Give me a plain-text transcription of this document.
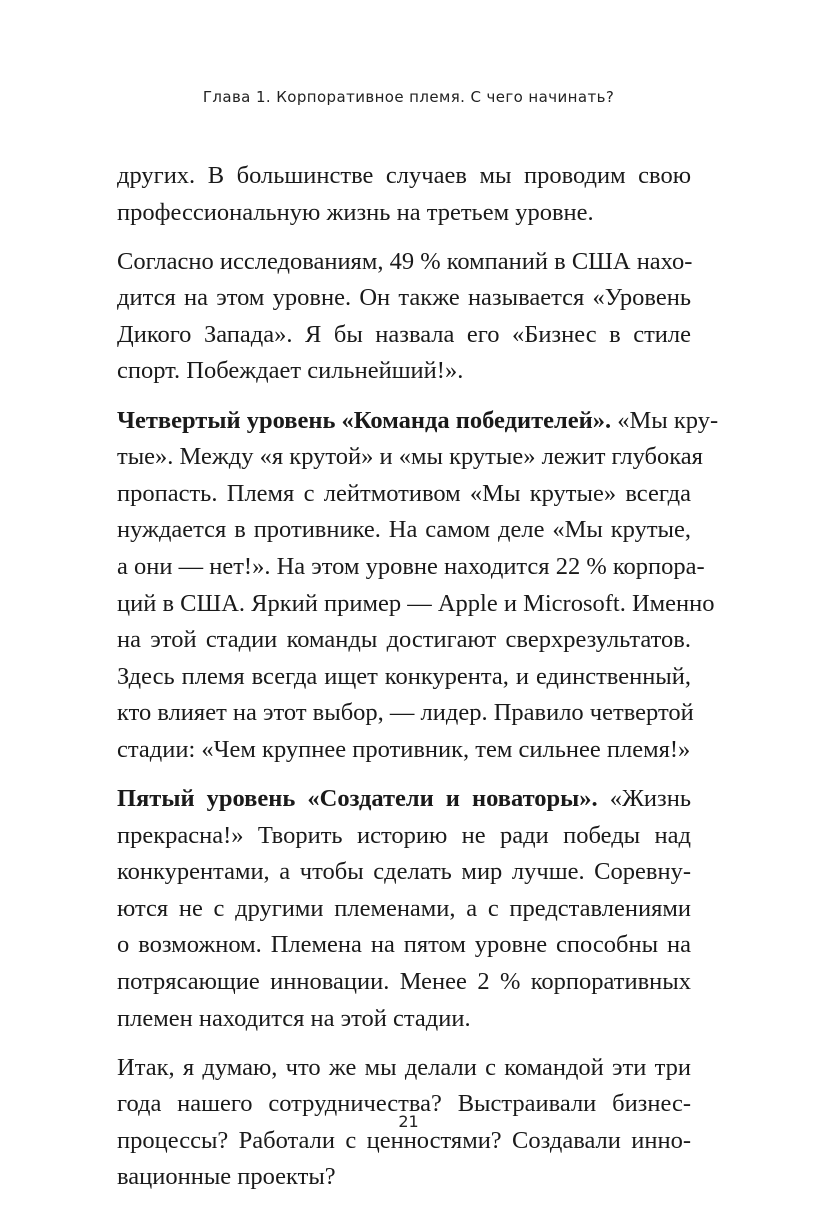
Глава 1. Корпоративное племя. С чего начинать?
других. В большинстве случаев мы проводим свою
профессиональную жизнь на третьем уровне.
Согласно исследованиям, 49 % компаний в США нахо-
дится на этом уровне. Он также называется «Уровень
Дикого Запада». Я бы назвала его «Бизнес в стиле
спорт. Побеждает сильнейший!».
Четвертый уровень «Команда победителей». «Мы кру-
тые». Между «я крутой» и «мы крутые» лежит глубокая
пропасть. Племя с лейтмотивом «Мы крутые» всегда
нуждается в противнике. На самом деле «Мы крутые,
а они — нет!». На этом уровне находится 22 % корпора-
ций в США. Яркий пример — Apple и Microsoft. Именно
на этой стадии команды достигают сверхрезультатов.
Здесь племя всегда ищет конкурента, и единственный,
кто влияет на этот выбор, — лидер. Правило четвертой
стадии: «Чем крупнее противник, тем сильнее племя!»
Пятый уровень «Создатели и новаторы». «Жизнь
прекрасна!» Творить историю не ради победы над
конкурентами, а чтобы сделать мир лучше. Соревну-
ются не с другими племенами, а с представлениями
о возможном. Племена на пятом уровне способны на
потрясающие инновации. Менее 2 % корпоративных
племен находится на этой стадии.
Итак, я думаю, что же мы делали с командой эти три
года нашего сотрудничества? Выстраивали бизнес-
процессы? Работали с ценностями? Создавали инно-
вационные проекты?
21
